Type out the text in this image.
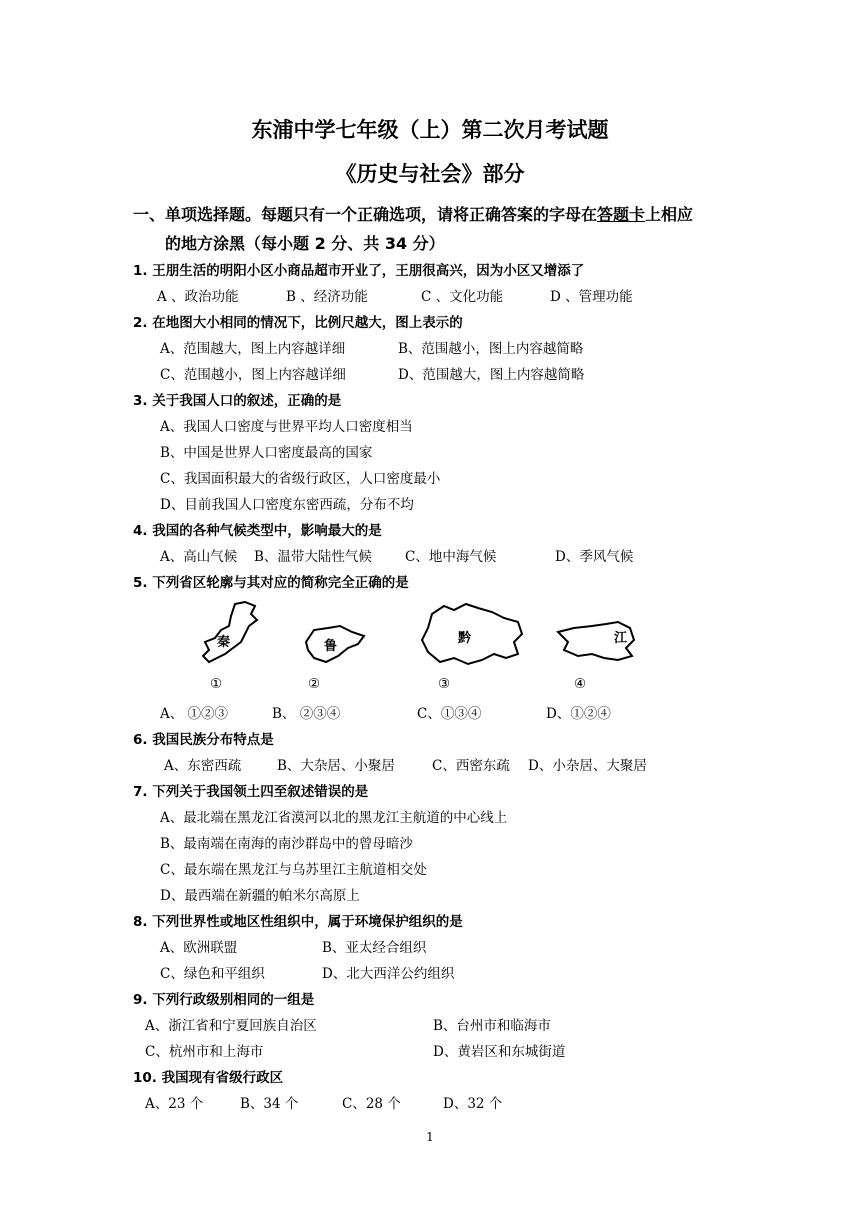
东浦中学七年级（上）第二次月考试题
《历史与社会》部分
一、单项选择题。每题只有一个正确选项，请将正确答案的字母在答题卡上相应
的地方涂黑（每小题 2 分、共 34 分）
1. 王朋生活的明阳小区小商品超市开业了，王朋很高兴，因为小区又增添了
A 、政治功能	B 、经济功能	C 、文化功能	D 、管理功能
2. 在地图大小相同的情况下，比例尺越大，图上表示的
A、范围越大，图上内容越详细	B、范围越小，图上内容越简略
C、范围越小，图上内容越详细	D、范围越大，图上内容越简略
3. 关于我国人口的叙述，正确的是
A、我国人口密度与世界平均人口密度相当
B、中国是世界人口密度最高的国家
C、我国面积最大的省级行政区，人口密度最小
D、目前我国人口密度东密西疏，分布不均
4. 我国的各种气候类型中，影响最大的是
A、高山气候 B、温带大陆性气候 C、地中海气候	D、季风气候
5. 下列省区轮廓与其对应的简称完全正确的是
秦	鲁
黔	江
①	②	③	④
A、 ①②③	B、 ②③④	C、①③④	D、①②④
6. 我国民族分布特点是
A、东密西疏	B、大杂居、小聚居	C、西密东疏 D、小杂居、大聚居
7. 下列关于我国领土四至叙述错误的是
A、最北端在黑龙江省漠河以北的黑龙江主航道的中心线上
B、最南端在南海的南沙群岛中的曾母暗沙
C、最东端在黑龙江与乌苏里江主航道相交处
D、最西端在新疆的帕米尔高原上
8. 下列世界性或地区性组织中，属于环境保护组织的是
A、欧洲联盟	B、亚太经合组织
C、绿色和平组织	D、北大西洋公约组织
9. 下列行政级别相同的一组是
A、浙江省和宁夏回族自治区	B、台州市和临海市
C、杭州市和上海市	D、黄岩区和东城街道
10. 我国现有省级行政区
A、23 个	B、34 个	C、28 个	D、32 个
1
